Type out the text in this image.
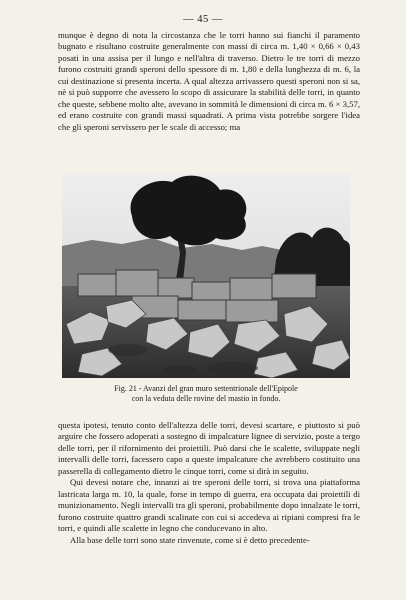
— 45 —

munque è degno di nota la circostanza che le torri hanno sui fianchi il paramento bugnato e risultano costruite generalmente con massi di circa m. 1,40 × 0,66 × 0,43 posati in una assisa per il lungo e nell'altra di traverso. Dietro le tre torri di mezzo furono costruiti grandi speroni dello spessore di m. 1,80 e della lunghezza di m. 6, la cui destinazione si presenta incerta. A qual altezza arrivassero questi speroni non si sa, nè si può supporre che avessero lo scopo di assicurare la stabilità delle torri, in quanto che queste, sebbene molto alte, avevano in sommità le dimensioni di circa m. 6 × 3,57, ed erano costruite con grandi massi squadrati. A prima vista potrebbe sorgere l'idea che gli speroni servissero per le scale di accesso; ma

Fig. 21 - Avanzi del gran muro settentrionale dell'Epipole
con la veduta delle rovine del mastio in fondo.

questa ipotesi, tenuto conto dell'altezza delle torri, devesi scartare, e piuttosto si può arguire che fossero adoperati a sostegno di impalcature lignee di servizio, poste a tergo delle torri, per il rifornimento dei proiettili. Può darsi che le scalette, sviluppate negli intervalli delle torri, facessero capo a queste impalcature che avrebbero costituito una passerella di collegamento dietro le cinque torri, come si dirà in seguito.

Qui devesi notare che, innanzi ai tre speroni delle torri, si trova una piattaforma lastricata larga m. 10, la quale, forse in tempo di guerra, era occupata dai proiettili di munizionamento. Negli intervalli tra gli speroni, probabilmente dopo innalzate le torri, furono costruite quattro grandi scalinate con cui si accedeva ai ripiani compresi fra le torri, e quindi alle scalette in legno che conducevano in alto.

Alla base delle torri sono state rinvenute, come si è detto precedente-
